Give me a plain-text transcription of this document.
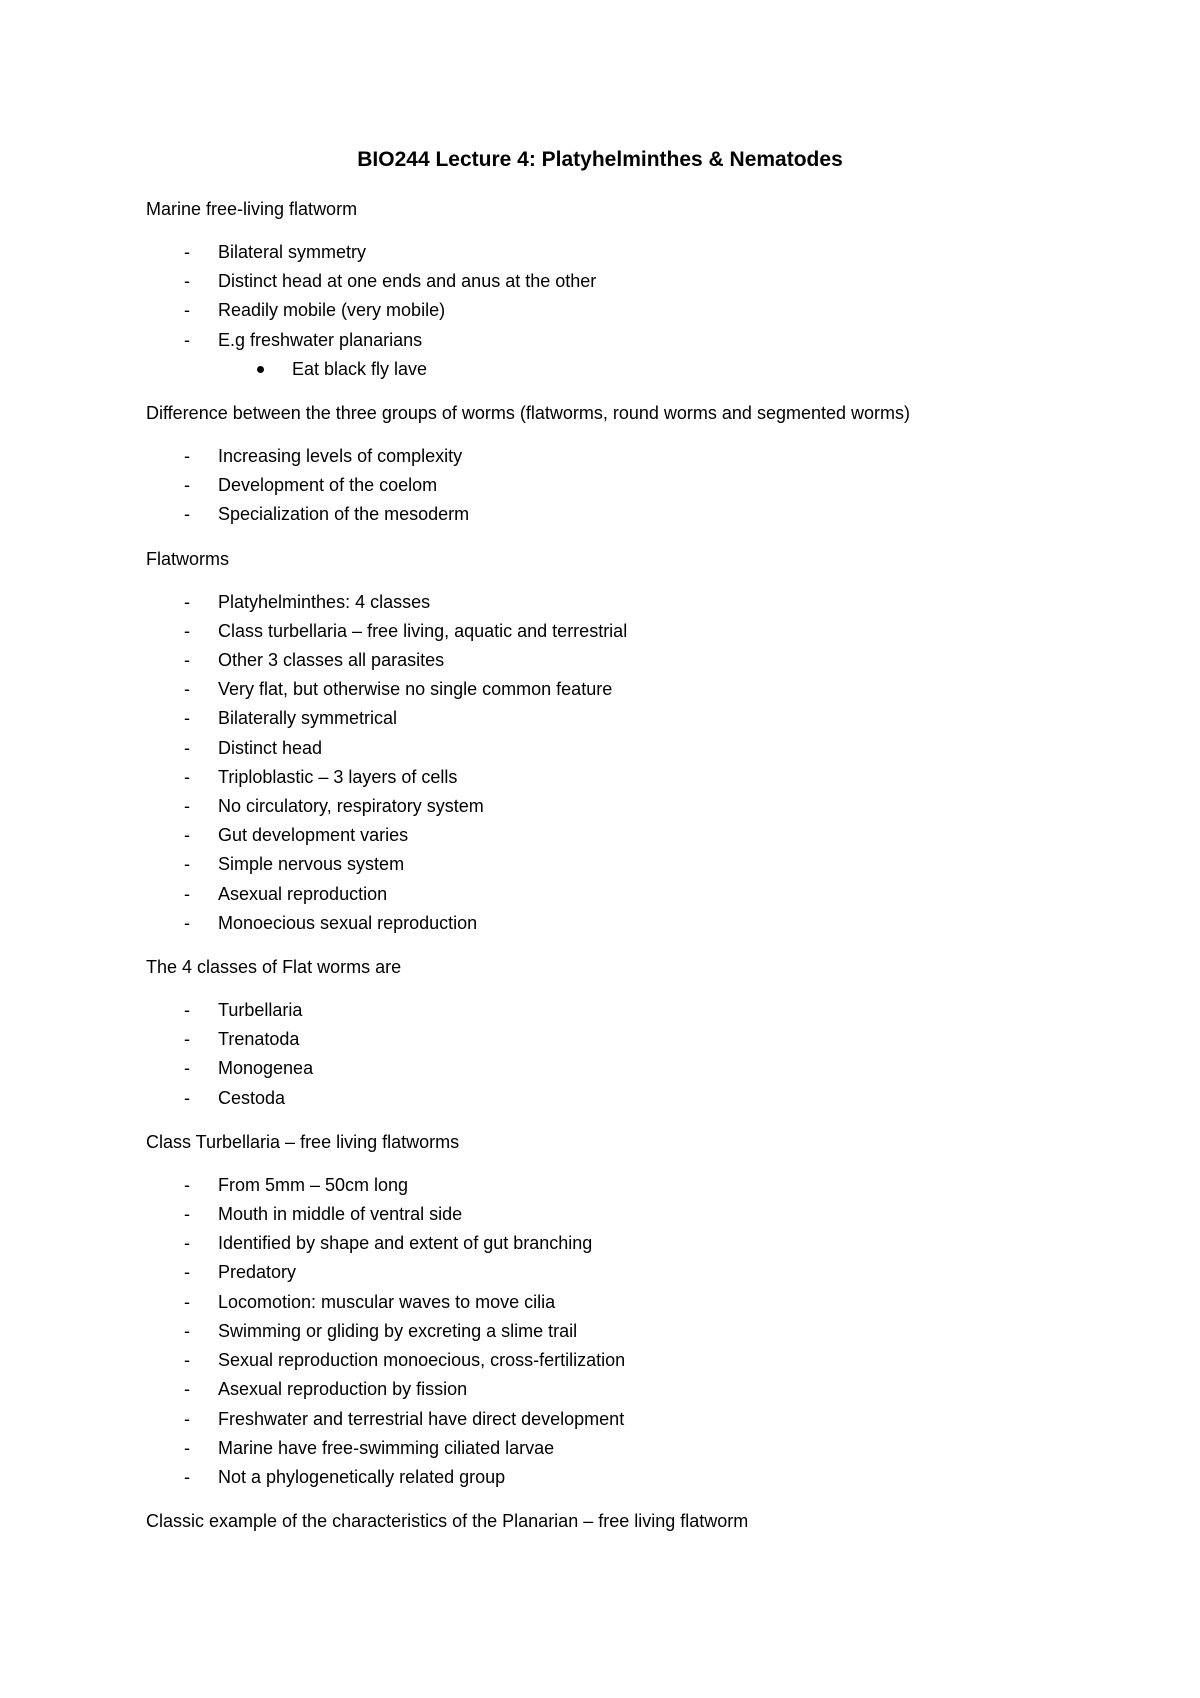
BIO244 Lecture 4: Platyhelminthes & Nematodes
Marine free-living flatworm
- Bilateral symmetry
- Distinct head at one ends and anus at the other
- Readily mobile (very mobile)
- E.g freshwater planarians
Eat black fly lave
Difference between the three groups of worms (flatworms, round worms and segmented worms)
- Increasing levels of complexity
- Development of the coelom
- Specialization of the mesoderm
Flatworms
- Platyhelminthes: 4 classes
- Class turbellaria – free living, aquatic and terrestrial
- Other 3 classes all parasites
- Very flat, but otherwise no single common feature
- Bilaterally symmetrical
- Distinct head
- Triploblastic – 3 layers of cells
- No circulatory, respiratory system
- Gut development varies
- Simple nervous system
- Asexual reproduction
- Monoecious sexual reproduction
The 4 classes of Flat worms are
- Turbellaria
- Trenatoda
- Monogenea
- Cestoda
Class Turbellaria – free living flatworms
- From 5mm – 50cm long
- Mouth in middle of ventral side
- Identified by shape and extent of gut branching
- Predatory
- Locomotion: muscular waves to move cilia
- Swimming or gliding by excreting a slime trail
- Sexual reproduction monoecious, cross-fertilization
- Asexual reproduction by fission
- Freshwater and terrestrial have direct development
- Marine have free-swimming ciliated larvae
- Not a phylogenetically related group
Classic example of the characteristics of the Planarian – free living flatworm
